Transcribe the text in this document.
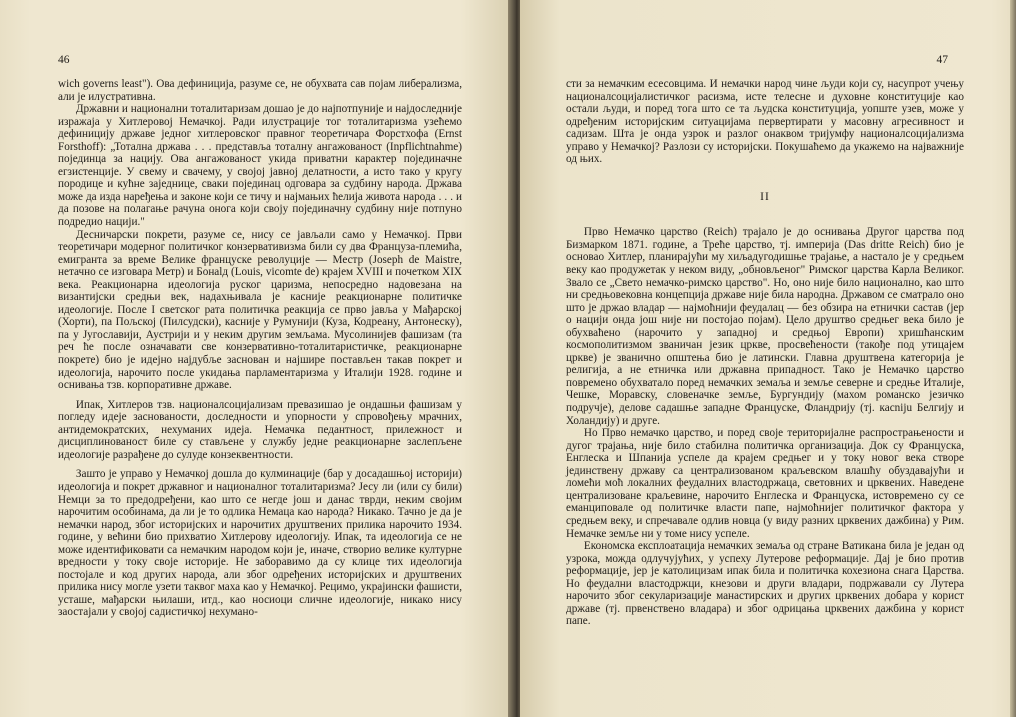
46

wich governs least"). Ова дефиниција, разуме се, не обухвата сав појам либерализма, али је илустративна.

Државни и национални тоталитаризам дошао је до најпотпуније и најдоследније изражаја у Хитлеровој Немачкој. Ради илустрације тог тоталитаризма узећемо дефиницију државе једног хитлеровског правног теоретичара Форстхофа (Ernst Forsthoff): „Тотална држава . . . представља тоталну ангажованост (Inpflichtnahme) појединца за нацију. Ова ангажованост укида приватни карактер појединачне егзистенције. У свему и свачему, у својој јавној делатности, а исто тако у кругу породице и кућне заједнице, сваки појединац одговара за судбину народа. Држава може да изда наређења и законе који се тичу и најмањих ћелија живота народа . . . и да позове на полагање рачуна онога који своју појединачну судбину није потпуно подредио нацији."

Десничарски покрети, разуме се, нису се јављали само у Немачкој. Први теоретичари модерног политичког конзервативизма били су два Француза-племића, емигранта за време Велике француске револуције — Местр (Joseph de Maistre, нетачно се изговара Метр) и Бонalд (Louis, vicomte de) крајем XVIII и почетком XIX века. Реакционарна идеологија руског царизма, непосредно надовезана на византијски средњи век, надахњивала је касније реакционарне политичке идеологије. После I светског рата политичка реакција се прво јавља у Мађарској (Хорти), па Пољској (Пилсудски), касније у Румунији (Кузa, Кодреану, Антонеску), па у Југославији, Аустрији и у неким другим земљама. Мусолинијев фашизам (та реч ће после означавати све конзервативно-тоталитаристичке, реакционарне покрете) био је идејно најдубље заснован и најшире постављен такав покрет и идеологија, нарочито после укидања парламентаризма у Италији 1928. године и оснивања тзв. корпоративне државе.

Ипак, Хитлеров тзв. националсоцијализам превазишао је ондашњи фашизам у погледу идеје заснованости, доследности и упорности у спровођењу мрачних, антидемократских, нехуманих идеја. Немачка педантност, прилежност и дисциплинованост биле су стављене у службу једне реакционарне заслепљене идеологије разрађене до сулуде конзеквентности.

Зашто је управо у Немачкој дошла до кулминације (бар у досадашњој историји) идеологија и покрет државног и националног тоталитаризма? Јесу ли (или су били) Немци за то предодређени, као што се негде још и данас тврди, неким својим нарочитим особинама, да ли је то одлика Немаца као народа? Никако. Тачно је да је немачки народ, због историјских и нарочитих друштвених прилика нарочито 1934. године, у већини био прихватио Хитлерову идеологију. Ипак, та идеологија се не може идентификовати са немачким народом који је, иначе, створио велике културне вредности у току своје историје. Не заборавимо да су клице тих идеологија постојале и код других народа, али због одређених историјских и друштвених прилика нису могле узети таквог маха као у Немачкој. Рецимо, украјински фашисти, усташе, мађарски њилаши, итд., као носиоци сличне идеологије, никако нису заостајали у својој садистичкој нехумано-

47

сти за немачким есесовцима. И немачки народ чине људи који су, насупрот учењу националсоцијалистичког расизма, исте телесне и духовне конституције као остали људи, и поред тога што се та људска конституција, уопште узев, може у одређеним историјским ситуацијама первертирати у масовну агресивност и садизам. Шта је онда узрок и разлог онаквом тријумфу националсоцијализма управо у Немачкој? Разлози су историјски. Покушаћемо да укажемо на најважније од њих.

II

Прво Немачко царство (Reich) трајало је до оснивања Другог царства под Бизмарком 1871. године, а Треће царство, тј. империја (Das dritte Reich) био је основао Хитлер, планирајући му хиљадугодишње трајање, а настало је у средњем веку као продужетак у неком виду, „обновљеног" Римског царства Карла Великог. Звало се „Свето немачко-римско царство". Но, оно није било национално, као што ни средњовековна концепција државе није била народна. Државом се сматрало оно што је држао владар — најмоћнији феудалац — без обзира на етнички састав (јер о нацији онда још није ни постојао појам). Цело друштво средњег века било је обухваћено (нарочито у западној и средњој Европи) хришћанским космополитизмом званичан језик цркве, просвећености (такође под утицајем цркве) је званично општења био је латински. Главна друштвена категорија је религија, а не етничка или државна припадност. Тако је Немачко царство повремено обухватало поред немачких земаља и земље северне и средње Италије, Чешке, Моравску, словеначке земље, Бургундију (махом романско језичко подручје), делове садашње западне Француске, Фландрију (тј. касniju Белгију и Холандију) и друге.

Но Прво немачко царство, и поред своје територијалне распрострањености и дугог трајања, није било стабилна политичка организација. Док су Француска, Енглеска и Шпанија успеле да крајем средњег и у току новог века створе јединствену државу са централизованом краљевском влашћу обуздавајући и ломећи моћ локалних феудалних властодржаца, световних и црквених. Наведене централизоване краљевине, нарочито Енглеска и Француска, истовремено су се еманциповале од политичке власти папе, најмоћнијег политичког фактора у средњем веку, и спречавале одлив новца (у виду разних црквених дажбина) у Рим. Немачке земље ни у томе нису успеле.

Економска експлоатација немачких земаља од стране Ватикана била је један од узрока, можда одлучујућих, у успеху Лутерове реформације. Дај је био против реформације, јер је католицизам ипак била и политичка кохезиона снага Царства. Но феудални властодржци, кнезови и други владари, подржавали су Лутера нарочито због секуларизације манастирских и других црквених добара у корист државе (тј. првенствено владара) и због одрицања црквених дажбина у корист папе.
